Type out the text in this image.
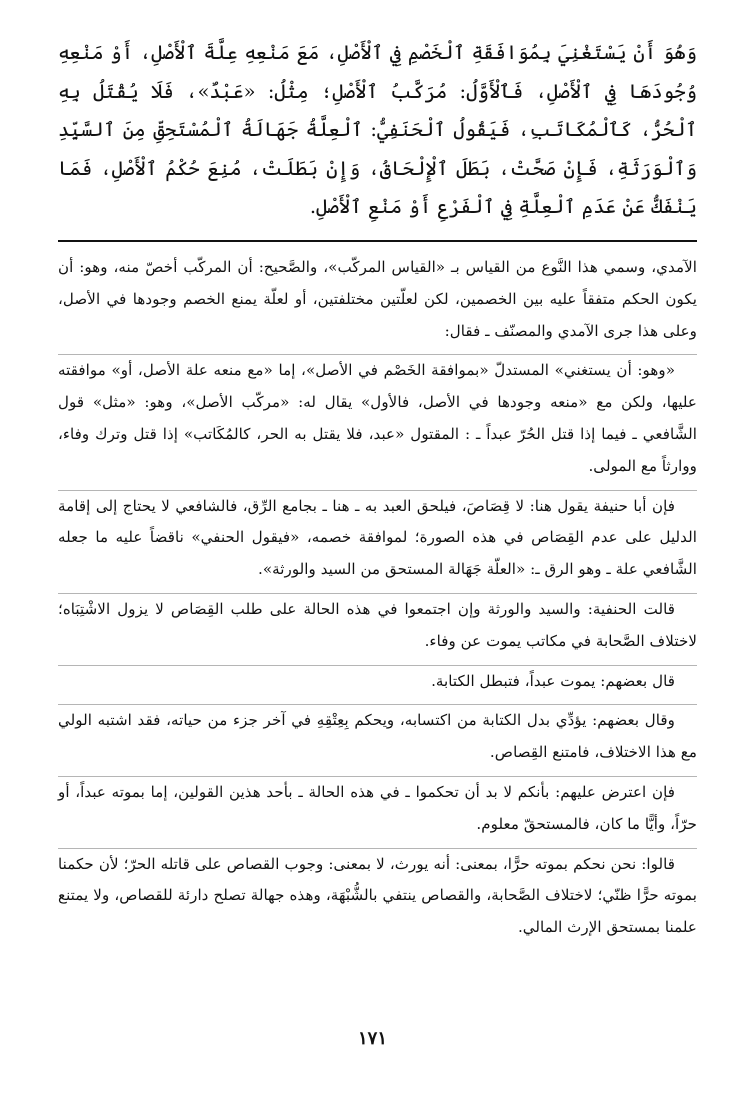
وَهُوَ أَنْ يَسْتَغْنِيَ بِمُوَافَقَةِ ٱلْخَصْمِ فِي ٱلْأَصْلِ، مَعَ مَنْعِهِ عِلَّةَ ٱلْأَصْلِ، أَوْ مَنْعِهِ وُجُودَهَا فِي ٱلْأَصْلِ، فَٱلْأَوَّلُ: مُرَكَّبُ ٱلْأَصْلِ؛ مِثْلُ: «عَبْدٌ»، فَلَا يُقْتَلُ بِهِ ٱلْحُرُّ، كَٱلْمُكَاتَبِ، فَيَقُولُ ٱلْحَنَفِيُّ: ٱلْعِلَّةُ جَهَالَةُ ٱلْمُسْتَحِقِّ مِنَ ٱلسَّيِّدِ وَٱلْوَرَثَةِ، فَإِنْ صَحَّتْ، بَطَلَ ٱلْإِلْحَاقُ، وَإِنْ بَطَلَتْ، مُنِعَ حُكْمُ ٱلْأَصْلِ، فَمَا يَنْفَكُّ عَنْ عَدَمِ ٱلْعِلَّةِ فِي ٱلْفَرْعِ أَوْ مَنْعِ ٱلْأَصْلِ.

الآمدي، وسمي هذا النَّوع من القياس بـ «القياس المركّب»، والصَّحيح: أن المركّب أخصّ منه، وهو: أن يكون الحكم متفقاً عليه بين الخصمين، لكن لعلّتين مختلفتين، أو لعلّة يمنع الخصم وجودها في الأصل، وعلى هذا جرى الآمدي والمصنّف ـ فقال:

«وهو: أن يستغني» المستدلّ «بموافقة الخَصْم في الأصل»، إما «مع منعه علة الأصل، أو» موافقته عليها، ولكن مع «منعه وجودها في الأصل، فالأول» يقال له: «مركّب الأصل»، وهو: «مثل» قول الشَّافعي ـ فيما إذا قتل الحُرّ عبداً ـ : المقتول «عبد، فلا يقتل به الحر، كالمُكَاتب» إذا قتل وترك وفاء، ووارثاً مع المولى.

فإن أبا حنيفة يقول هنا: لا قِصَاصَ، فيلحق العبد به ـ هنا ـ بجامع الرِّق، فالشافعي لا يحتاج إلى إقامة الدليل على عدم القِصَاص في هذه الصورة؛ لموافقة خصمه، «فيقول الحنفي» ناقضاً عليه ما جعله الشَّافعي علة ـ وهو الرق ـ: «العلّة جَهَالة المستحق من السيد والورثة».

قالت الحنفية: والسيد والورثة وإن اجتمعوا في هذه الحالة على طلب القِصَاص لا يزول الاشْتِبَاه؛ لاختلاف الصَّحابة في مكاتب يموت عن وفاء.

قال بعضهم: يموت عبداً، فتبطل الكتابة.

وقال بعضهم: يؤدِّي بدل الكتابة من اكتسابه، ويحكم بِعِتْقِهِ في آخر جزء من حياته، فقد اشتبه الولي مع هذا الاختلاف، فامتنع القِصاص.

فإن اعترض عليهم: بأنكم لا بد أن تحكموا ـ في هذه الحالة ـ بأحد هذين القولين، إما بموته عبداً، أو حرّاً، وأيًّا ما كان، فالمستحقّ معلوم.

قالوا: نحن نحكم بموته حرًّا، بمعنى: أنه يورث، لا بمعنى: وجوب القصاص على قاتله الحرّ؛ لأن حكمنا بموته حرًّا ظنّي؛ لاختلاف الصَّحابة، والقصاص ينتفي بالشُّبْهَة، وهذه جهالة تصلح دارئة للقصاص، ولا يمتنع علمنا بمستحق الإرث المالي.

١٧١
